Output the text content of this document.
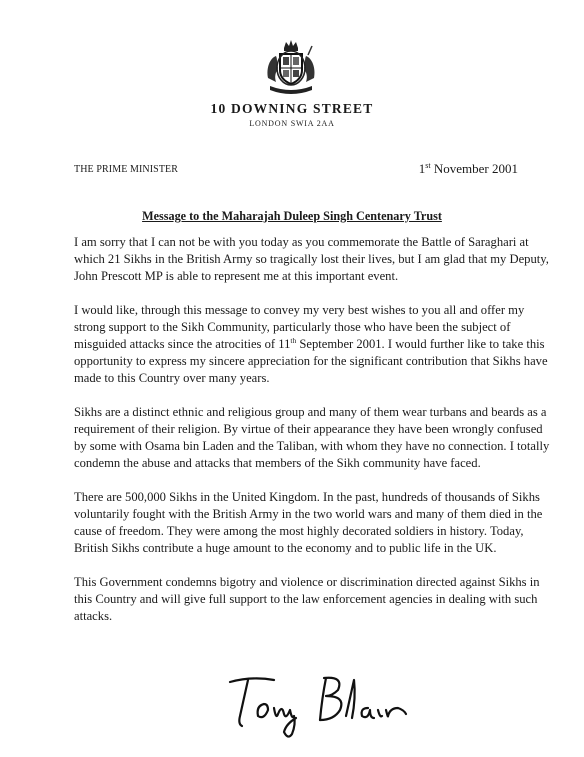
10 DOWNING STREET
LONDON SWIA 2AA
THE PRIME MINISTER	1st November 2001
Message to the Maharajah Duleep Singh Centenary Trust

I am sorry that I can not be with you today as you commemorate the Battle of Saraghari at which 21 Sikhs in the British Army so tragically lost their lives, but I am glad that my Deputy, John Prescott MP is able to represent me at this important event.

I would like, through this message to convey my very best wishes to you all and offer my strong support to the Sikh Community, particularly those who have been the subject of misguided attacks since the atrocities of 11th September 2001. I would further like to take this opportunity to express my sincere appreciation for the significant contribution that Sikhs have made to this Country over many years.

Sikhs are a distinct ethnic and religious group and many of them wear turbans and beards as a requirement of their religion. By virtue of their appearance they have been wrongly confused by some with Osama bin Laden and the Taliban, with whom they have no connection. I totally condemn the abuse and attacks that members of the Sikh community have faced.

There are 500,000 Sikhs in the United Kingdom. In the past, hundreds of thousands of Sikhs voluntarily fought with the British Army in the two world wars and many of them died in the cause of freedom. They were among the most highly decorated soldiers in history. Today, British Sikhs contribute a huge amount to the economy and to public life in the UK.

This Government condemns bigotry and violence or discrimination directed against Sikhs in this Country and will give full support to the law enforcement agencies in dealing with such attacks.
